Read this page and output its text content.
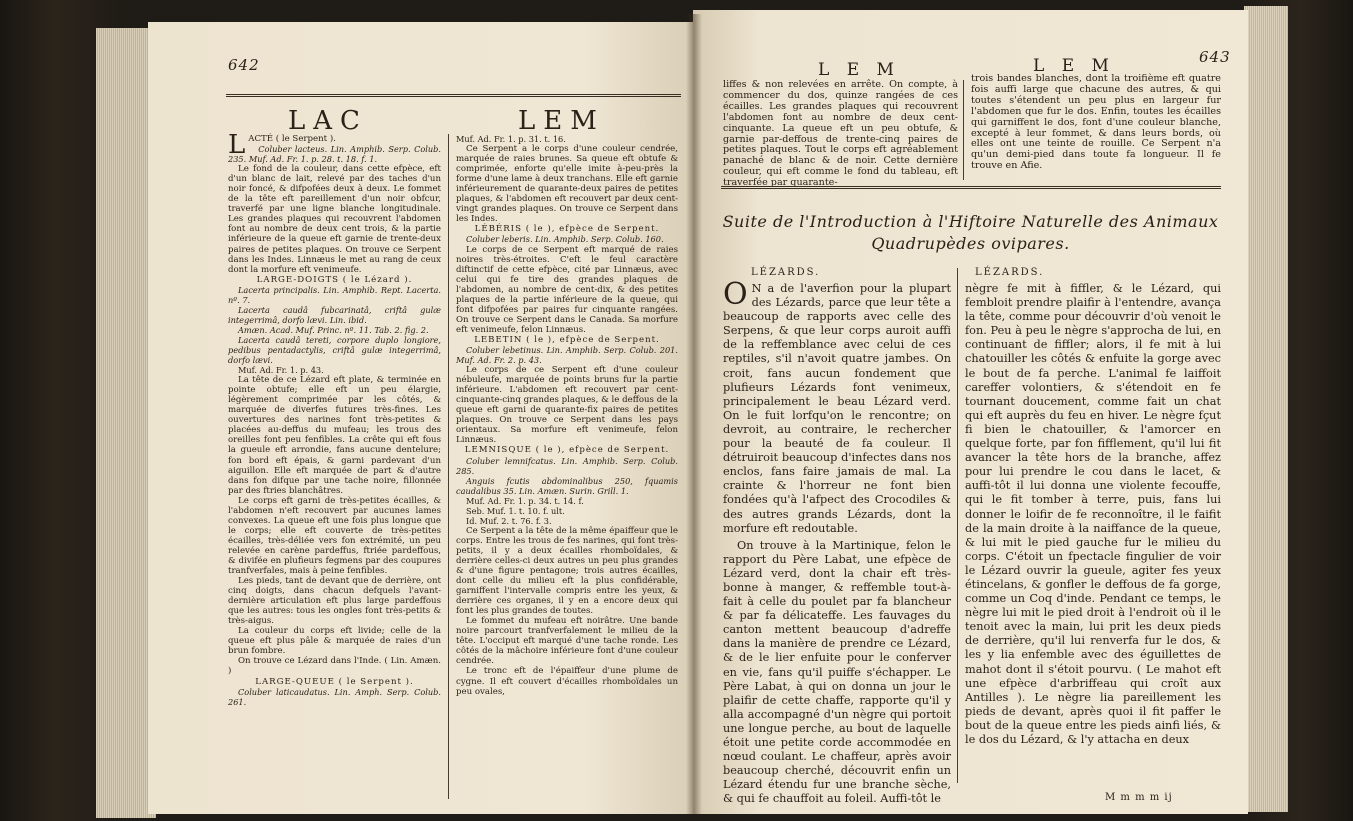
642
LAC	LEM

LACTÉ ( le Serpent ).

Coluber lacteus. Lin. Amphib. Serp. Colub. 235. Muf. Ad. Fr. 1. p. 28. t. 18. f. 1.

Le fond de la couleur, dans cette efpèce, eft d'un blanc de lait, relevé par des taches d'un noir foncé, & difpofées deux à deux. Le fommet de la tête eft pareillement d'un noir obfcur, traverfé par une ligne blanche longitudinale. Les grandes plaques qui recouvrent l'abdomen font au nombre de deux cent trois, & la partie inférieure de la queue eft garnie de trente-deux paires de petites plaques. On trouve ce Serpent dans les Indes. Linnæus le met au rang de ceux dont la morfure eft venimeufe.

LARGE-DOIGTS ( le Lézard ).

Lacerta principalis. Lin. Amphib. Rept. Lacerta. nº. 7.

Lacerta caudâ fubcarinatâ, criftâ gulæ integerrimâ, dorfo lævi. Lin. ibid.

Amæn. Acad. Muf. Princ. nº. 11. Tab. 2. fig. 2.

Lacerta caudâ tereti, corpore duplo longiore, pedibus pentadactylis, criftâ gulæ integerrimâ, dorfo lævi.

Muf. Ad. Fr. 1. p. 43.

La tête de ce Lézard eft plate, & terminée en pointe obtufe; elle eft un peu élargie, légèrement comprimée par les côtés, & marquée de diverfes futures très-fines. Les ouvertures des narines font très-petites & placées au-deffus du mufeau; les trous des oreilles font peu fenfibles. La crête qui eft fous la gueule eft arrondie, fans aucune dentelure; fon bord eft épais, & garni pardevant d'un aiguillon. Elle eft marquée de part & d'autre dans fon difque par une tache noire, fillonnée par des ftries blanchâtres.

Le corps eft garni de très-petites écailles, & l'abdomen n'eft recouvert par aucunes lames convexes. La queue eft une fois plus longue que le corps; elle eft couverte de très-petites écailles, très-déliée vers fon extrémité, un peu relevée en carène pardeffus, ftriée pardeffous, & divifée en plufieurs fegmens par des coupures tranfverfales, mais à peine fenfibles.

Les pieds, tant de devant que de derrière, ont cinq doigts, dans chacun defquels l'avant-dernière articulation eft plus large pardeffous que les autres: tous les ongles font très-petits & très-aigus.

La couleur du corps eft livide; celle de la queue eft plus pâle & marquée de raies d'un brun fombre.

On trouve ce Lézard dans l'Inde. ( Lin. Amæn. )

LARGE-QUEUE ( le Serpent ).

Coluber laticaudatus. Lin. Amph. Serp. Colub. 261.

Muf. Ad. Fr. 1. p. 31. t. 16.

Ce Serpent a le corps d'une couleur cendrée, marquée de raies brunes. Sa queue eft obtufe & comprimée, enforte qu'elle imite à-peu-près la forme d'une lame à deux tranchans. Elle eft garnie inférieurement de quarante-deux paires de petites plaques, & l'abdomen eft recouvert par deux cent-vingt grandes plaques. On trouve ce Serpent dans les Indes.

LÉBÉRIS ( le ), efpèce de Serpent.

Coluber leberis. Lin. Amphib. Serp. Colub. 160.

Le corps de ce Serpent eft marqué de raies noires très-étroites. C'eft le feul caractère diftinctif de cette efpèce, cité par Linnæus, avec celui qui fe tire des grandes plaques de l'abdomen, au nombre de cent-dix, & des petites plaques de la partie inférieure de la queue, qui font difpofées par paires fur cinquante rangées. On trouve ce Serpent dans le Canada. Sa morfure eft venimeufe, felon Linnæus.

LEBETIN ( le ), efpèce de Serpent.

Coluber lebetinus. Lin. Amphib. Serp. Colub. 201. Muf. Ad. Fr. 2. p. 43.

Le corps de ce Serpent eft d'une couleur nébuleufe, marquée de points bruns fur la partie inférieure. L'abdomen eft recouvert par cent-cinquante-cinq grandes plaques, & le deffous de la queue eft garni de quarante-fix paires de petites plaques. On trouve ce Serpent dans les pays orientaux. Sa morfure eft venimeufe, felon Linnæus.

LEMNISQUE ( le ), efpèce de Serpent.

Coluber lemnifcatus. Lin. Amphib. Serp. Colub. 285.

Anguis fcutis abdominalibus 250, fquamis caudalibus 35. Lin. Amæn. Surin. Grill. 1.

Muf. Ad. Fr. 1. p. 34. t. 14. f.

Seb. Muf. 1. t. 10. f. ult.

Id. Muf. 2. t. 76. f. 3.

Ce Serpent a la tête de la même épaiffeur que le corps. Entre les trous de fes narines, qui font très-petits, il y a deux écailles rhomboïdales, & derrière celles-ci deux autres un peu plus grandes & d'une figure pentagone; trois autres écailles, dont celle du milieu eft la plus confidérable, garniffent l'intervalle compris entre les yeux, & derrière ces organes, il y en a encore deux qui font les plus grandes de toutes.

Le fommet du mufeau eft noirâtre. Une bande noire parcourt tranfverfalement le milieu de la tête. L'occiput eft marqué d'une tache ronde. Les côtés de la mâchoire inférieure font d'une couleur cendrée.

Le tronc eft de l'épaiffeur d'une plume de cygne. Il eft couvert d'écailles rhomboïdales un peu ovales,

L E M	L E M	643
liffes & non relevées en arrête. On compte, à commencer du dos, quinze rangées de ces écailles. Les grandes plaques qui recouvrent l'abdomen font au nombre de deux cent-cinquante. La queue eft un peu obtufe, & garnie par-deffous de trente-cinq paires de petites plaques. Tout le corps eft agréablement panaché de blanc & de noir. Cette dernière couleur, qui eft comme le fond du tableau, eft traverfée par quarante-
trois bandes blanches, dont la troifième eft quatre fois auffi large que chacune des autres, & qui toutes s'étendent un peu plus en largeur fur l'abdomen que fur le dos. Enfin, toutes les écailles qui garniffent le dos, font d'une couleur blanche, excepté à leur fommet, & dans leurs bords, où elles ont une teinte de rouille. Ce Serpent n'a qu'un demi-pied dans toute fa longueur. Il fe trouve en Afie.
Suite de l'Introduction à l'Hiftoire Naturelle des Animaux
Quadrupèdes ovipares.
LÉZARDS.	LÉZARDS.

O N a de l'averfion pour la plupart des Lézards, parce que leur tête a beaucoup de rapports avec celle des Serpens, & que leur corps auroit auffi de la reffemblance avec celui de ces reptiles, s'il n'avoit quatre jambes. On croit, fans aucun fondement que plufieurs Lézards font venimeux, principalement le beau Lézard verd. On le fuit lorfqu'on le rencontre; on devroit, au contraire, le rechercher pour la beauté de fa couleur. Il détruiroit beaucoup d'infectes dans nos enclos, fans faire jamais de mal. La crainte & l'horreur ne font bien fondées qu'à l'afpect des Crocodiles & des autres grands Lézards, dont la morfure eft redoutable.

On trouve à la Martinique, felon le rapport du Père Labat, une efpèce de Lézard verd, dont la chair eft très-bonne à manger, & reffemble tout-à-fait à celle du poulet par fa blancheur & par fa délicateffe. Les fauvages du canton mettent beaucoup d'adreffe dans la manière de prendre ce Lézard, & de le lier enfuite pour le conferver en vie, fans qu'il puiffe s'échapper. Le Père Labat, à qui on donna un jour le plaifir de cette chaffe, rapporte qu'il y alla accompagné d'un nègre qui portoit une longue perche, au bout de laquelle étoit une petite corde accommodée en nœud coulant. Le chaffeur, après avoir beaucoup cherché, découvrit enfin un Lézard étendu fur une branche sèche, & qui fe chauffoit au foleil. Auffi-tôt le

nègre fe mit à fiffler, & le Lézard, qui fembloit prendre plaifir à l'entendre, avança la tête, comme pour découvrir d'où venoit le fon. Peu à peu le nègre s'approcha de lui, en continuant de fiffler; alors, il fe mit à lui chatouiller les côtés & enfuite la gorge avec le bout de fa perche. L'animal fe laiffoit careffer volontiers, & s'étendoit en fe tournant doucement, comme fait un chat qui eft auprès du feu en hiver. Le nègre fçut fi bien le chatouiller, & l'amorcer en quelque forte, par fon fifflement, qu'il lui fit avancer la tête hors de la branche, affez pour lui prendre le cou dans le lacet, & auffi-tôt il lui donna une violente fecouffe, qui le fit tomber à terre, puis, fans lui donner le loifir de fe reconnoître, il le faifit de la main droite à la naiffance de la queue, & lui mit le pied gauche fur le milieu du corps. C'étoit un fpectacle fingulier de voir le Lézard ouvrir la gueule, agiter fes yeux étincelans, & gonfler le deffous de fa gorge, comme un Coq d'inde. Pendant ce temps, le nègre lui mit le pied droit à l'endroit où il le tenoit avec la main, lui prit les deux pieds de derrière, qu'il lui renverfa fur le dos, & les y lia enfemble avec des éguillettes de mahot dont il s'étoit pourvu. ( Le mahot eft une efpèce d'arbriffeau qui croît aux Antilles ). Le nègre lia pareillement les pieds de devant, après quoi il fit paffer le bout de la queue entre les pieds ainfi liés, & le dos du Lézard, & l'y attacha en deux

M m m m ij
